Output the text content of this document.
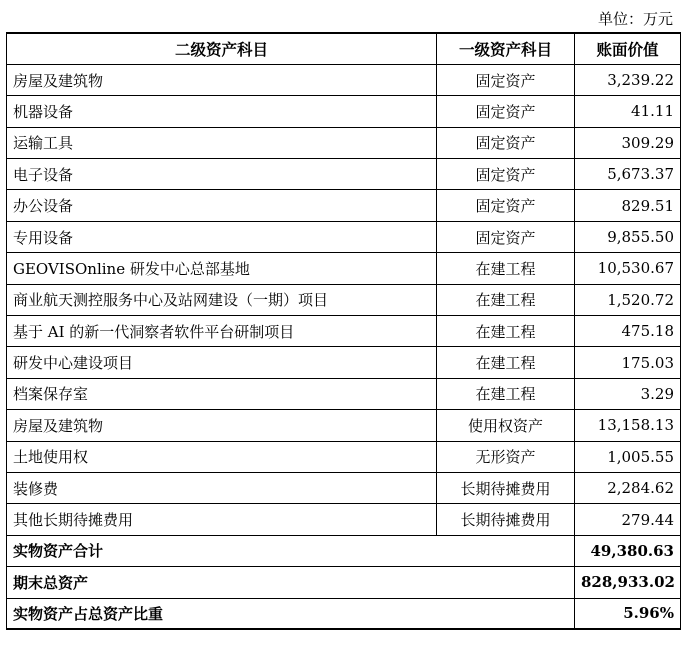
单位：万元
二级资产科目	一级资产科目	账面价值
房屋及建筑物	固定资产	3,239.22
机器设备	固定资产	41.11
运输工具	固定资产	309.29
电子设备	固定资产	5,673.37
办公设备	固定资产	829.51
专用设备	固定资产	9,855.50
GEOVISOnline 研发中心总部基地	在建工程	10,530.67
商业航天测控服务中心及站网建设（一期）项目	在建工程	1,520.72
基于 AI 的新一代洞察者软件平台研制项目	在建工程	475.18
研发中心建设项目	在建工程	175.03
档案保存室	在建工程	3.29
房屋及建筑物	使用权资产	13,158.13
土地使用权	无形资产	1,005.55
装修费	长期待摊费用	2,284.62
其他长期待摊费用	长期待摊费用	279.44
实物资产合计		49,380.63
期末总资产		828,933.02
实物资产占总资产比重		5.96%
